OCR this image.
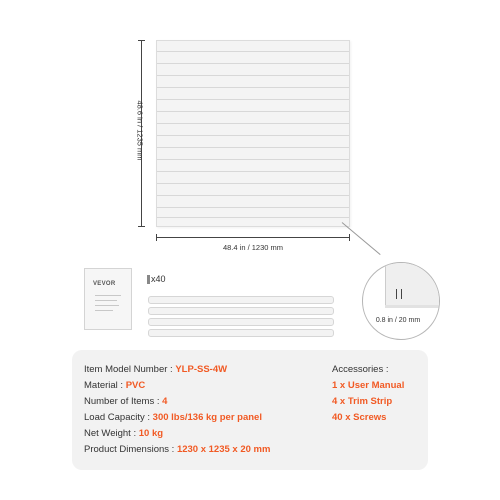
48.6 in / 1235 mm
48.4 in / 1230 mm
0.8 in / 20 mm
VEVOR	x40
Item Model Number : YLP-SS-4W
Material : PVC
Number of Items : 4
Load Capacity : 300 lbs/136 kg per panel
Net Weight : 10 kg
Product Dimensions : 1230 x 1235 x 20 mm
Accessories :
1 x User Manual
4 x Trim Strip
40 x Screws
